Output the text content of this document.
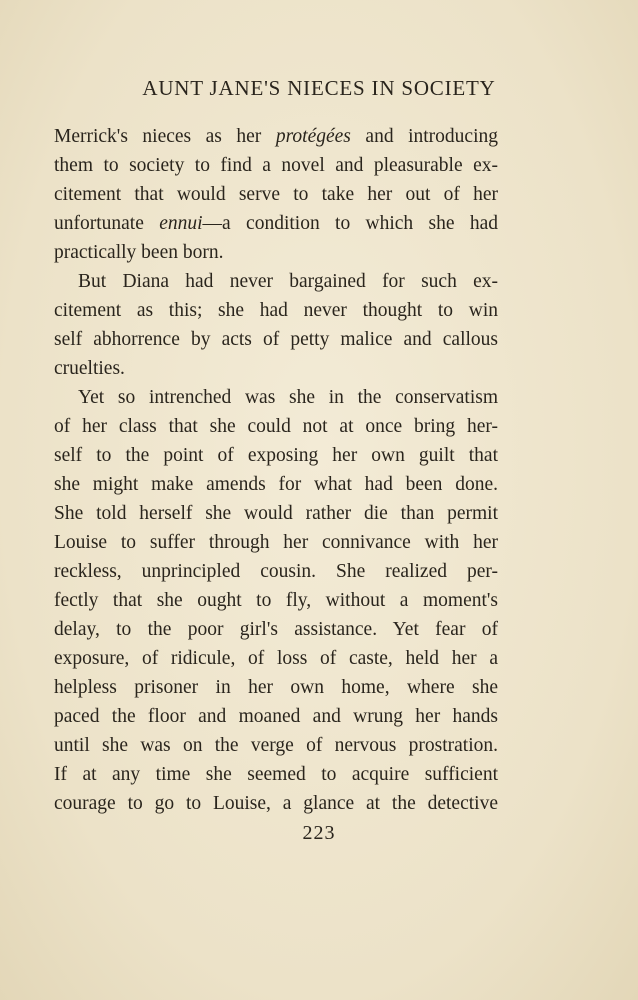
AUNT JANE'S NIECES IN SOCIETY
Merrick's nieces as her protégées and introducing
them to society to find a novel and pleasurable ex-
citement that would serve to take her out of her
unfortunate ennui—a condition to which she had
practically been born.
But Diana had never bargained for such ex-
citement as this; she had never thought to win
self abhorrence by acts of petty malice and callous
cruelties.
Yet so intrenched was she in the conservatism
of her class that she could not at once bring her-
self to the point of exposing her own guilt that
she might make amends for what had been done.
She told herself she would rather die than permit
Louise to suffer through her connivance with her
reckless, unprincipled cousin. She realized per-
fectly that she ought to fly, without a moment's
delay, to the poor girl's assistance. Yet fear of
exposure, of ridicule, of loss of caste, held her a
helpless prisoner in her own home, where she
paced the floor and moaned and wrung her hands
until she was on the verge of nervous prostration.
If at any time she seemed to acquire sufficient
courage to go to Louise, a glance at the detective
223
